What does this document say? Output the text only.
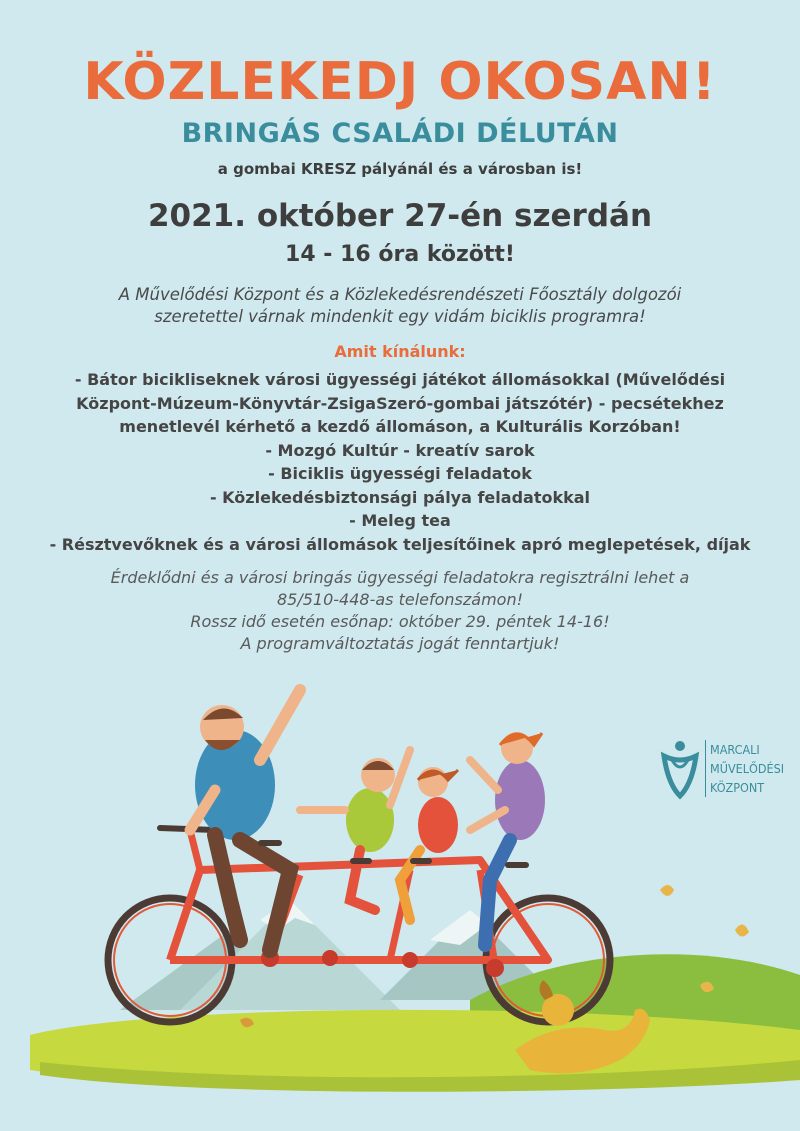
KÖZLEKEDJ OKOSAN!
BRINGÁS CSALÁDI DÉLUTÁN
a gombai KRESZ pályánál és a városban is!
2021. október 27-én szerdán
14 - 16 óra között!
A Művelődési Központ és a Közlekedésrendészeti Főosztály dolgozói
szeretettel várnak mindenkit egy vidám biciklis programra!
Amit kínálunk:
- Bátor bicikliseknek városi ügyességi játékot állomásokkal (Művelődési
Központ-Múzeum-Könyvtár-ZsigaSzeró-gombai játszótér) - pecsétekhez
menetlevél kérhető a kezdő állomáson, a Kulturális Korzóban!
- Mozgó Kultúr - kreatív sarok
- Biciklis ügyességi feladatok
- Közlekedésbiztonsági pálya feladatokkal
- Meleg tea
- Résztvevőknek és a városi állomások teljesítőinek apró meglepetések, díjak
Érdeklődni és a városi bringás ügyességi feladatokra regisztrálni lehet a
85/510-448-as telefonszámon!
Rossz idő esetén esőnap: október 29. péntek 14-16!
A programváltoztatás jogát fenntartjuk!
MARCALI
MŰVELŐDÉSI
KÖZPONT
